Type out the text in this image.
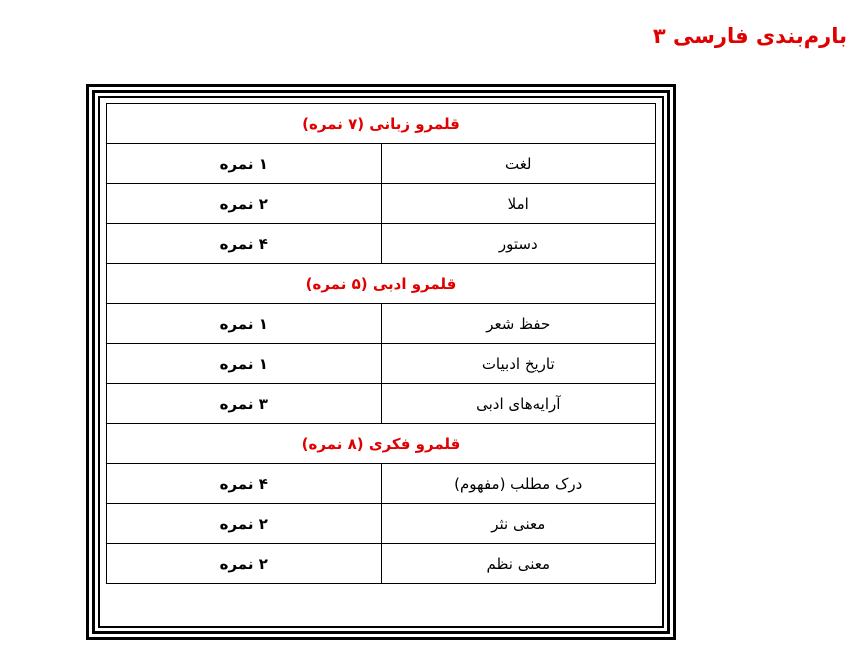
بارم‌بندی فارسی ۳
قلمرو زبانی (۷ نمره)	
لغت	۱ نمره
املا	۲ نمره
دستور	۴ نمره
قلمرو ادبی (۵ نمره)	
حفظ شعر	۱ نمره
تاریخ ادبیات	۱ نمره
آرایه‌های ادبی	۳ نمره
قلمرو فکری (۸ نمره)	
درک مطلب (مفهوم)	۴ نمره
معنی نثر	۲ نمره
معنی نظم	۲ نمره
